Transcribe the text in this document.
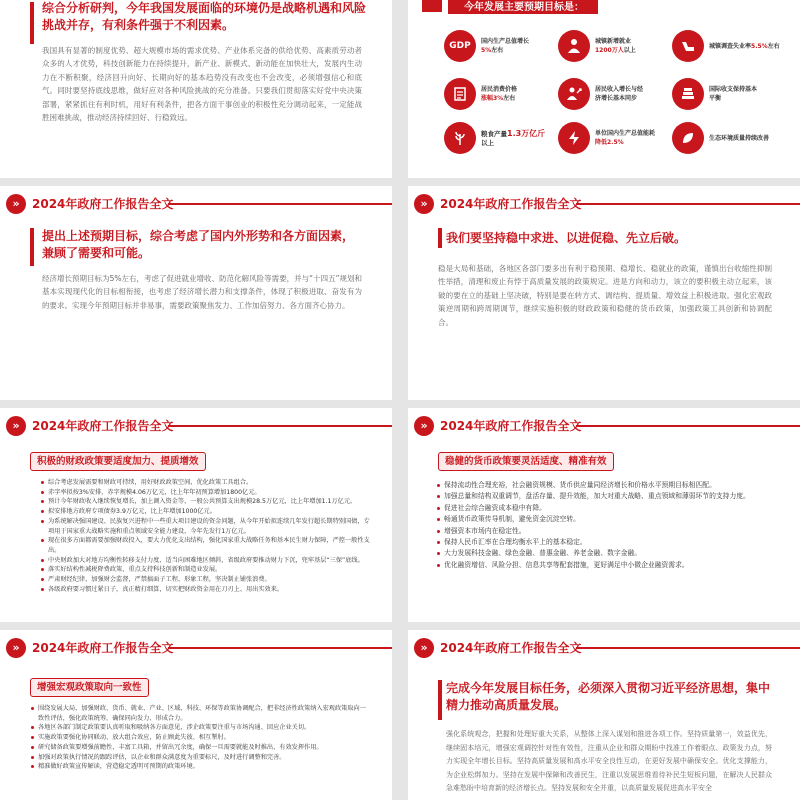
综合分析研判，今年我国发展面临的环境仍是战略机遇和风险挑战并存，有利条件强于不利因素。
我国具有显著的制度优势、超大规模市场的需求优势、产业体系完备的供给优势、高素质劳动者众多的人才优势，科技创新能力在持续提升，新产业、新模式、新动能在加快壮大，发展内生动力在不断积聚，经济回升向好、长期向好的基本趋势没有改变也不会改变，必须增强信心和底气。同时要坚持底线思维，做好应对各种风险挑战的充分准备。只要我们贯彻落实好党中央决策部署，紧紧抓住有利时机，用好有利条件，把各方面干事创业的积极性充分调动起来，一定能战胜困难挑战，推动经济持续回好、行稳致远。
今年发展主要预期目标是：
GDP	国内生产总值增长
5%左右
城镇新增就业
1200万人以上
城镇调查失业率5.5%左右
居民消费价格
涨幅3%左右
居民收入增长与经
济增长基本同步
国际收支保持基本
平衡
粮食产量1.3万亿斤
以上
单位国内生产总值能耗
降低2.5%
生态环境质量持续改善
»	2024年政府工作报告全文
提出上述预期目标，综合考虑了国内外形势和各方面因素，兼顾了需要和可能。
经济增长预期目标为5%左右，考虑了促进就业增收、防范化解风险等需要，并与“十四五”规划和基本实现现代化的目标相衔接，也考虑了经济增长潜力和支撑条件，体现了积极进取、奋发有为的要求。实现今年预期目标并非易事，需要政策聚焦发力、工作加倍努力、各方面齐心协力。
»	2024年政府工作报告全文
我们要坚持稳中求进、以进促稳、先立后破。
稳是大局和基础，各地区各部门要多出有利于稳预期、稳增长、稳就业的政策，谨慎出台收缩性抑制性举措，清理和废止有悖于高质量发展的政策规定。进是方向和动力，该立的要积极主动立起来，该破的要在立的基础上坚决破，特别是要在转方式、调结构、提质量、增效益上积极进取。强化宏观政策逆周期和跨周期调节，继续实施积极的财政政策和稳健的货币政策，加强政策工具创新和协调配合。
»	2024年政府工作报告全文
积极的财政政策要适度加力、提质增效
综合考虑发展需要和财政可持续，用好财政政策空间，优化政策工具组合。
赤字率拟按3%安排，赤字规模4.06万亿元，比上年年初预算增加1800亿元。
预计今年财政收入继续恢复增长，加上调入资金等，一般公共预算支出规模28.5万亿元，比上年增加1.1万亿元。
拟安排地方政府专项债券3.9万亿元，比上年增加1000亿元。
为系统解决强国建设、民族复兴进程中一些重大项目建设的资金问题，从今年开始拟连续几年发行超长期特别国债，专项用于国家重大战略实施和重点领域安全能力建设，今年先发行1万亿元。
现在很多方面都需要加强财政投入，要大力优化支出结构，强化国家重大战略任务和基本民生财力保障，严控一般性支出。
中央财政加大对地方均衡性转移支付力度、适当向困难地区倾斜，省级政府要推动财力下沉，兜牢基层“三保”底线。
落实好结构性减税降费政策，重点支持科技创新和制造业发展。
严肃财经纪律，加强财会监督，严禁搞面子工程、形象工程，坚决制止铺张浪费。
各级政府要习惯过紧日子，真正精打细算，切实把财政资金用在刀刃上、用出实效来。
»	2024年政府工作报告全文
稳健的货币政策要灵活适度、精准有效
保持流动性合理充裕，社会融资规模、货币供应量同经济增长和价格水平预期目标相匹配。
加强总量和结构双重调节，盘活存量、提升效能，加大对重大战略、重点领域和薄弱环节的支持力度。
促进社会综合融资成本稳中有降。
畅通货币政策传导机制，避免资金沉淀空转。
增强资本市场内在稳定性。
保持人民币汇率在合理均衡水平上的基本稳定。
大力发展科技金融、绿色金融、普惠金融、养老金融、数字金融。
优化融资增信、风险分担、信息共享等配套措施，更好满足中小微企业融资需求。
»	2024年政府工作报告全文
增强宏观政策取向一致性
围绕发展大局，加强财政、货币、就业、产业、区域、科技、环保等政策协调配合，把非经济性政策纳入宏观政策取向一致性评估，强化政策统筹，确保同向发力、形成合力。
各地区各部门制定政策要认真听取和吸纳各方面意见，涉企政策要注重与市场沟通、回应企业关切。
实施政策要强化协同联动、放大组合效应，防止顾此失彼、相互掣肘。
研究储备政策要增强前瞻性、丰富工具箱，并留出冗余度，确保一旦需要就能及时推出、有效发挥作用。
加强对政策执行情况的跟踪评估，以企业和群众满意度为重要标尺，及时进行调整和完善。
精准做好政策宣传解读，营造稳定透明可预期的政策环境。
»	2024年政府工作报告全文
完成今年发展目标任务，必须深入贯彻习近平经济思想，集中精力推动高质量发展。
强化系统观念，把握和处理好重大关系，从整体上深入谋划和推进各项工作。坚持质量第一，效益优先，继续固本培元，增强宏观调控针对性有效性，注重从企业和群众期盼中找准工作着眼点、政策发力点，努力实现全年增长目标。坚持高质量发展和高水平安全良性互动，在更好发展中确保安全。优化支撑能力，为企业松绑加力。坚持在发展中保障和改善民生，注重以发展思维看待补民生短板问题，在解决人民群众急难愁盼中培育新的经济增长点。坚持发展和安全并重，以高质量发展促进高水平安全
